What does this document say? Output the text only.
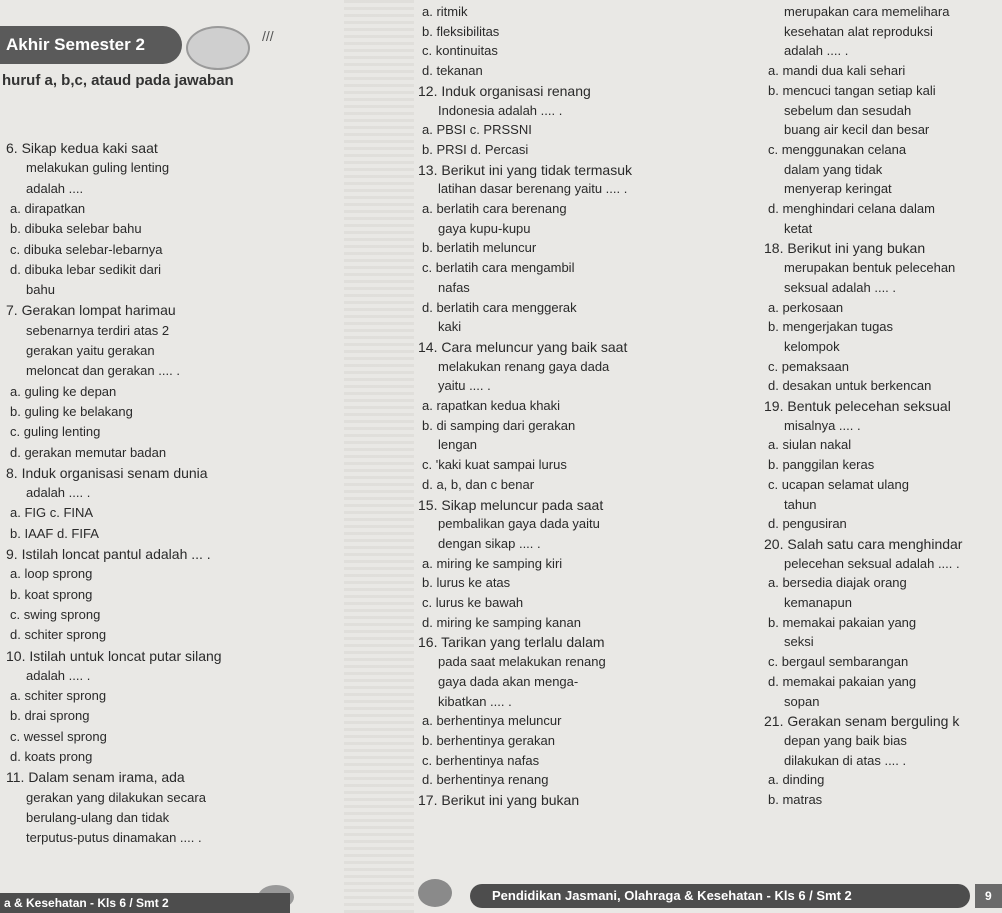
Akhir Semester 2	///
huruf a, b,c, ataud pada jawaban
6. Sikap kedua kaki saat
melakukan guling lenting
adalah ....
a. dirapatkan
b. dibuka selebar bahu
c. dibuka selebar-lebarnya
d. dibuka lebar sedikit dari
bahu
7. Gerakan lompat harimau
sebenarnya terdiri atas 2
gerakan yaitu gerakan
meloncat dan gerakan .... .
a. guling ke depan
b. guling ke belakang
c. guling lenting
d. gerakan memutar badan
8. Induk organisasi senam dunia
adalah .... .
a. FIG c. FINA
b. IAAF d. FIFA
9. Istilah loncat pantul adalah ... .
a. loop sprong
b. koat sprong
c. swing sprong
d. schiter sprong
10. Istilah untuk loncat putar silang
adalah .... .
a. schiter sprong
b. drai sprong
c. wessel sprong
d. koats prong
11. Dalam senam irama, ada
gerakan yang dilakukan secara
berulang-ulang dan tidak
terputus-putus dinamakan .... .
a. ritmik
b. fleksibilitas
c. kontinuitas
d. tekanan
12. Induk organisasi renang
Indonesia adalah .... .
a. PBSI c. PRSSNI
b. PRSI d. Percasi
13. Berikut ini yang tidak termasuk
latihan dasar berenang yaitu .... .
a. berlatih cara berenang
gaya kupu-kupu
b. berlatih meluncur
c. berlatih cara mengambil
nafas
d. berlatih cara menggerak
kaki
14. Cara meluncur yang baik saat
melakukan renang gaya dada
yaitu .... .
a. rapatkan kedua khaki
b. di samping dari gerakan
lengan
c. 'kaki kuat sampai lurus
d. a, b, dan c benar
15. Sikap meluncur pada saat
pembalikan gaya dada yaitu
dengan sikap .... .
a. miring ke samping kiri
b. lurus ke atas
c. lurus ke bawah
d. miring ke samping kanan
16. Tarikan yang terlalu dalam
pada saat melakukan renang
gaya dada akan menga-
kibatkan .... .
a. berhentinya meluncur
b. berhentinya gerakan
c. berhentinya nafas
d. berhentinya renang
17. Berikut ini yang bukan
merupakan cara memelihara
kesehatan alat reproduksi
adalah .... .
a. mandi dua kali sehari
b. mencuci tangan setiap kali
sebelum dan sesudah
buang air kecil dan besar
c. menggunakan celana
dalam yang tidak
menyerap keringat
d. menghindari celana dalam
ketat
18. Berikut ini yang bukan
merupakan bentuk pelecehan
seksual adalah .... .
a. perkosaan
b. mengerjakan tugas
kelompok
c. pemaksaan
d. desakan untuk berkencan
19. Bentuk pelecehan seksual
misalnya .... .
a. siulan nakal
b. panggilan keras
c. ucapan selamat ulang
tahun
d. pengusiran
20. Salah satu cara menghindar
pelecehan seksual adalah .... .
a. bersedia diajak orang
kemanapun
b. memakai pakaian yang
seksi
c. bergaul sembarangan
d. memakai pakaian yang
sopan
21. Gerakan senam berguling k
depan yang baik bias
dilakukan di atas .... .
a. dinding
b. matras
a & Kesehatan - Kls 6 / Smt 2	Pendidikan Jasmani, Olahraga & Kesehatan - Kls 6 / Smt 2	9
